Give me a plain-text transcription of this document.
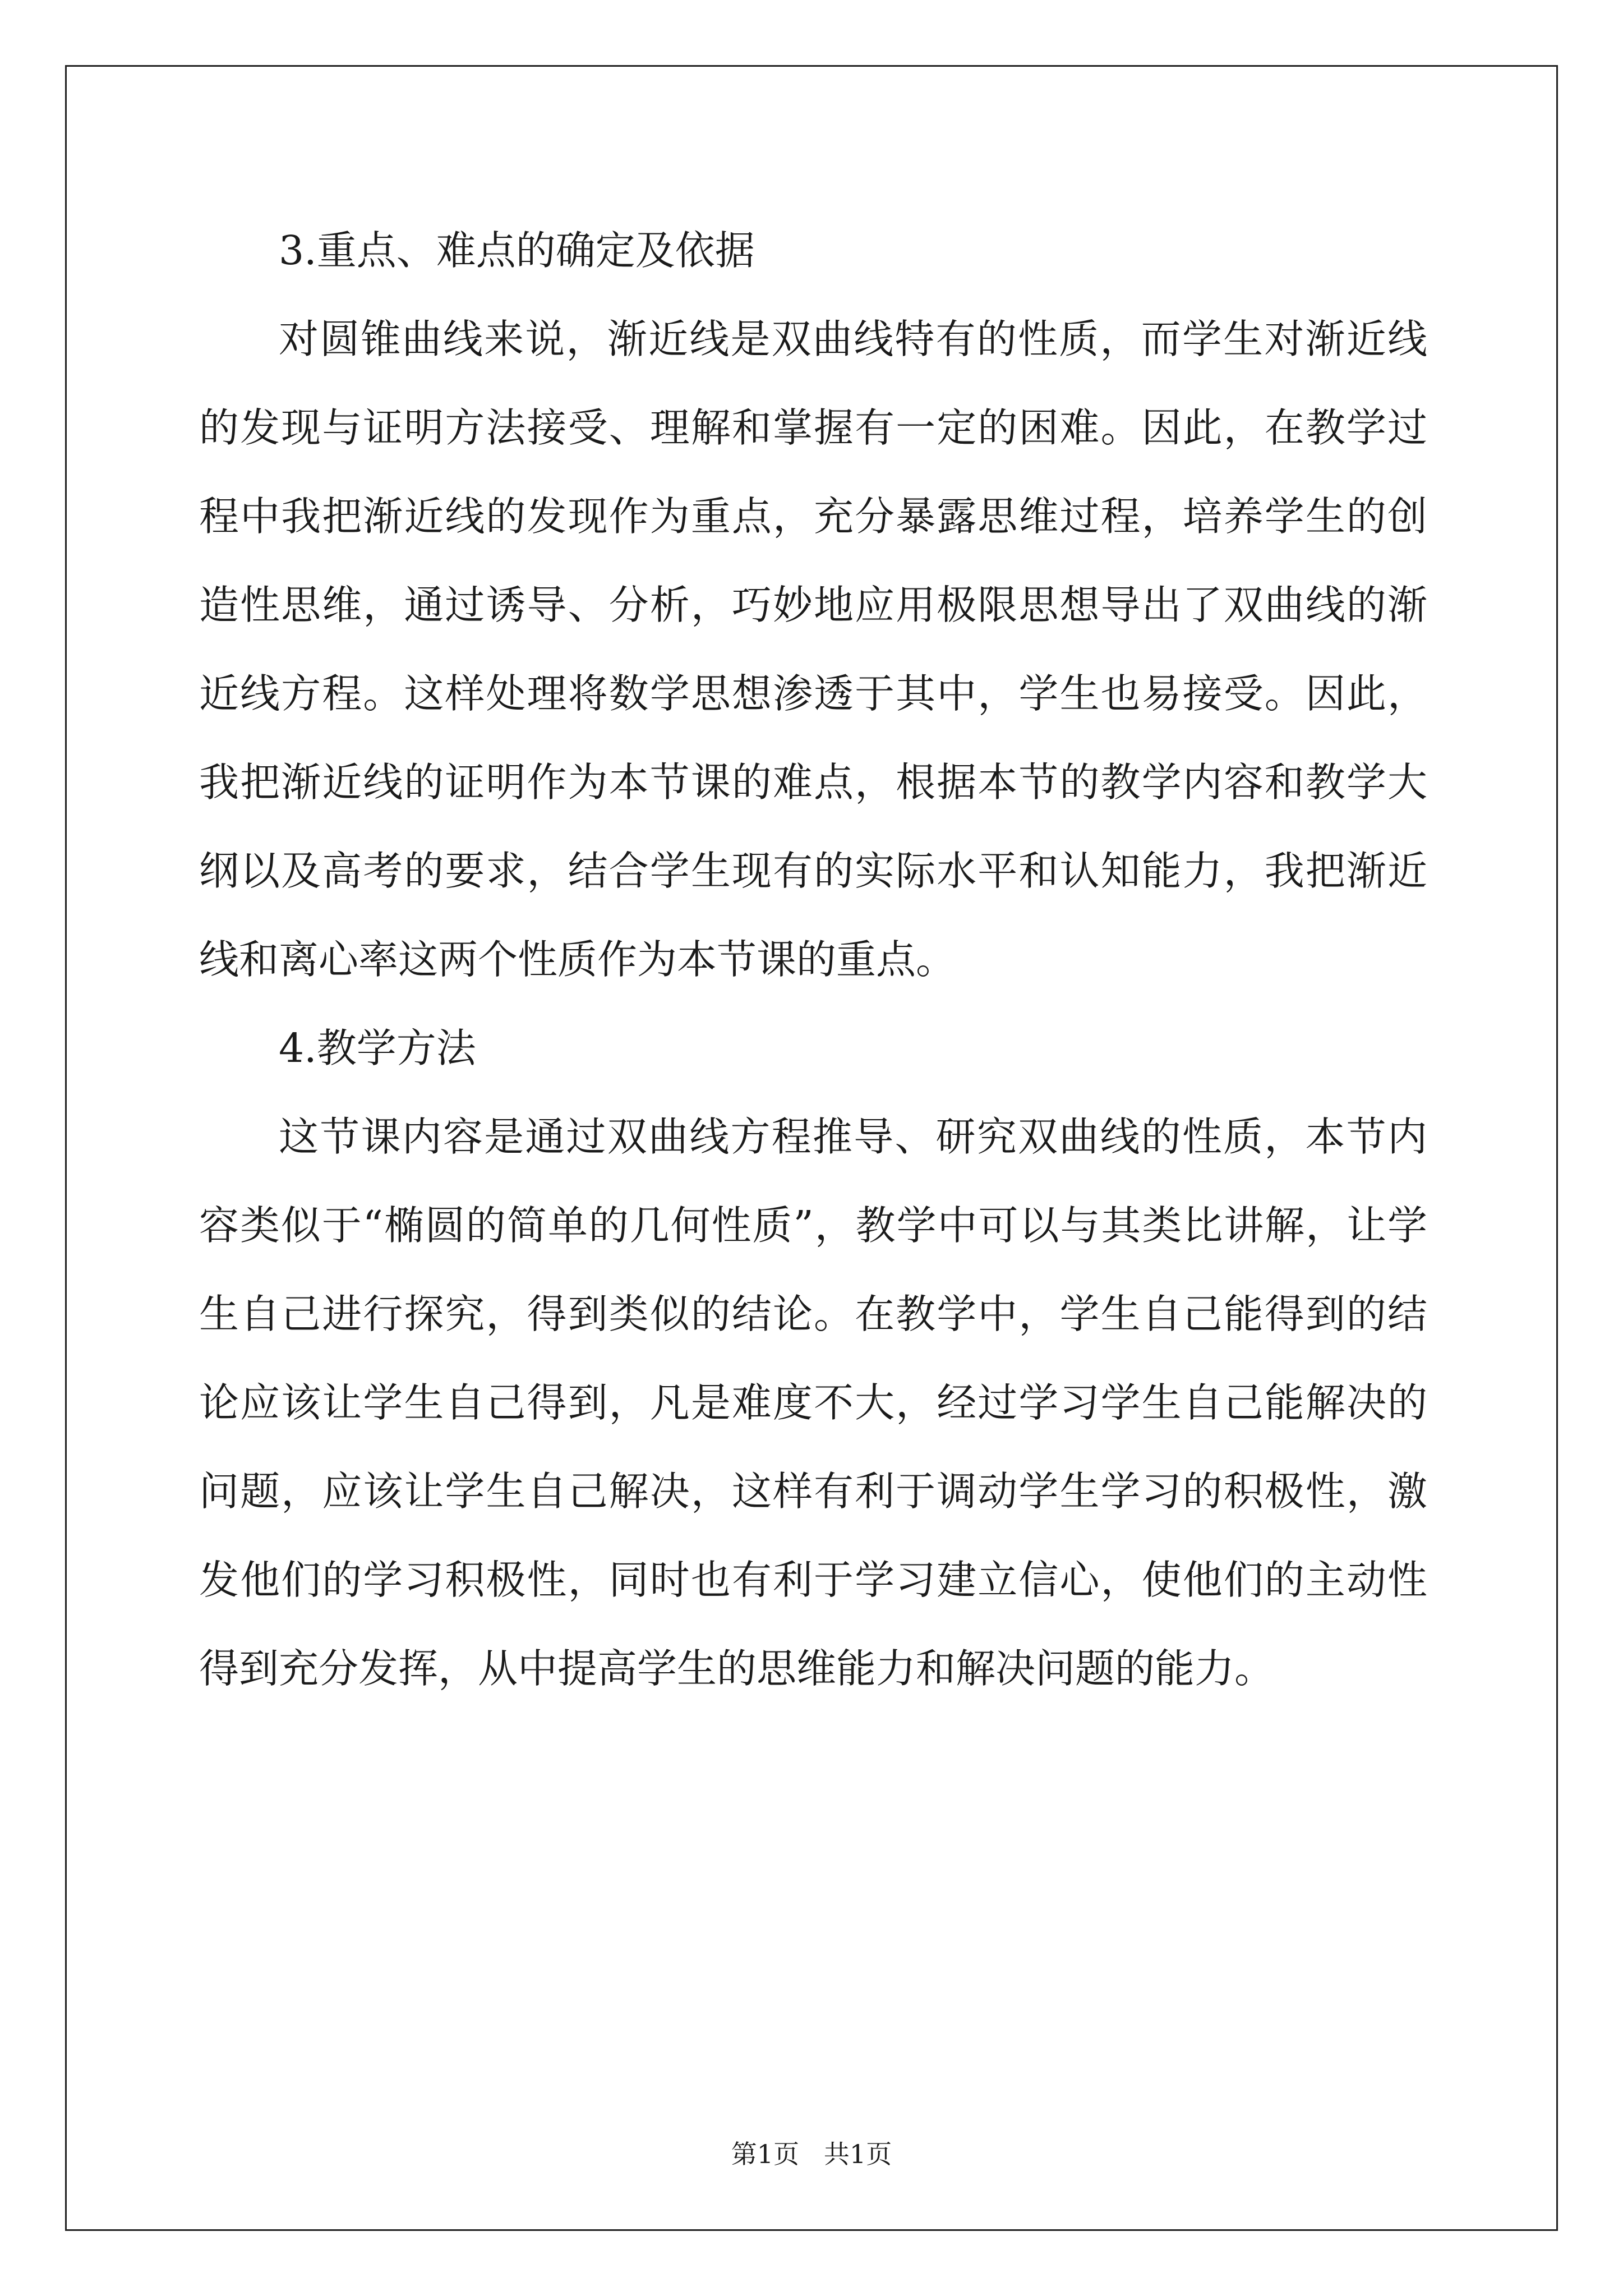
3.重点、难点的确定及依据

对圆锥曲线来说，渐近线是双曲线特有的性质，而学生对渐近线的发现与证明方法接受、理解和掌握有一定的困难。因此，在教学过程中我把渐近线的发现作为重点，充分暴露思维过程，培养学生的创造性思维，通过诱导、分析，巧妙地应用极限思想导出了双曲线的渐近线方程。这样处理将数学思想渗透于其中，学生也易接受。因此，我把渐近线的证明作为本节课的难点，根据本节的教学内容和教学大纲以及高考的要求，结合学生现有的实际水平和认知能力，我把渐近线和离心率这两个性质作为本节课的重点。

4.教学方法

这节课内容是通过双曲线方程推导、研究双曲线的性质，本节内容类似于“椭圆的简单的几何性质”，教学中可以与其类比讲解，让学生自己进行探究，得到类似的结论。在教学中，学生自己能得到的结论应该让学生自己得到，凡是难度不大，经过学习学生自己能解决的问题，应该让学生自己解决，这样有利于调动学生学习的积极性，激发他们的学习积极性，同时也有利于学习建立信心，使他们的主动性得到充分发挥，从中提高学生的思维能力和解决问题的能力。

第1页   共1页
